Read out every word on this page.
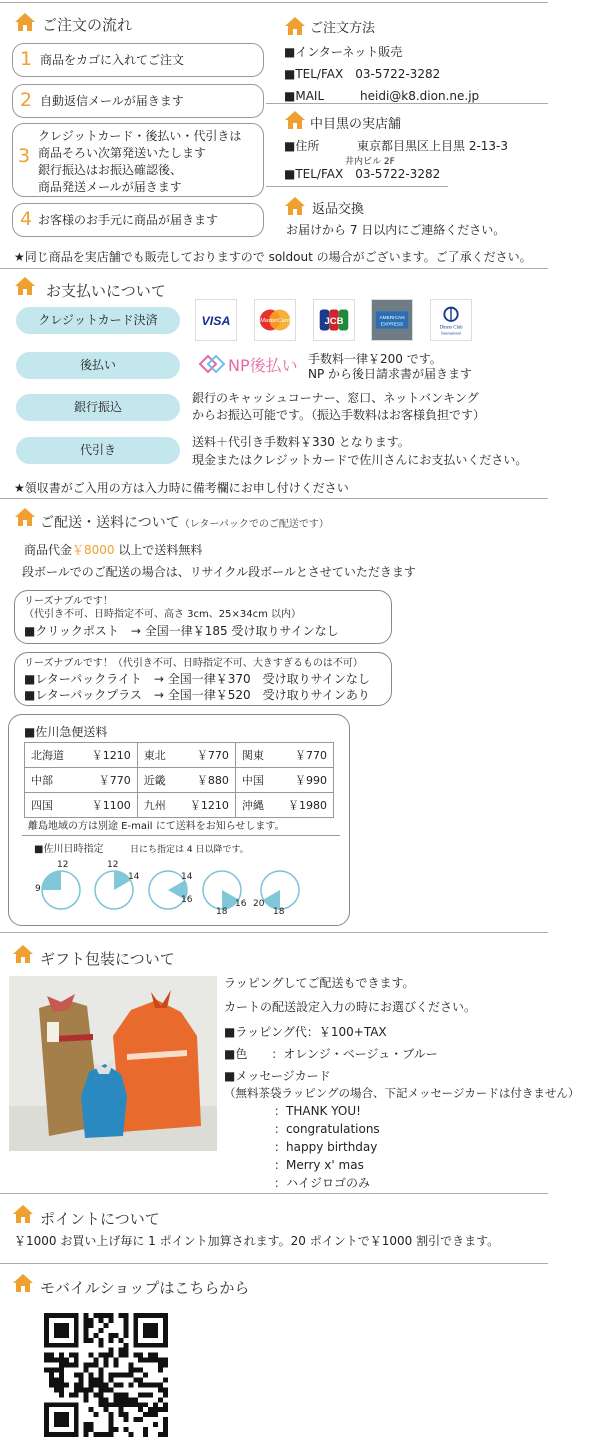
ご注文の流れ
1 商品をカゴに入れてご注文
2 自動返信メールが届きます
3
クレジットカード・後払い・代引きは
商品そろい次第発送いたします
銀行振込はお振込確認後、
商品発送メールが届きます
4 お客様のお手元に商品が届きます
ご注文方法
■インターネット販売
■TEL/FAX　03-5722-3282
■MAIL	heidi@k8.dion.ne.jp
中目黒の実店舗
■住所	東京都目黒区上目黒 2-13-3
井内ビル 2F
■TEL/FAX　03-5722-3282
返品交換
お届けから 7 日以内にご連絡ください。
★同じ商品を実店舗でも販売しておりますので soldout の場合がございます。ご了承ください。
お支払いについて
クレジットカード決済	VISA	MasterCard	JCB	AMERICAN
EXPRESS
Diners Club
International
後払い	NP後払い 手数料一律￥200 です。
NP から後日請求書が届きます
銀行振込
銀行のキャッシュコーナー、窓口、ネットバンキング
からお振込可能です。（振込手数料はお客様負担です）
代引き
送料＋代引き手数料￥330 となります。
現金またはクレジットカードで佐川さんにお支払いください。
★領収書がご入用の方は入力時に備考欄にお申し付けください
ご配送・送料について（レターパックでのご配送です）
商品代金￥8000 以上で送料無料
段ボールでのご配送の場合は、リサイクル段ボールとさせていただきます
リーズナブルです！
（代引き不可、日時指定不可、高さ 3cm、25×34cm 以内）
■クリックポスト　→ 全国一律￥185 受け取りサインなし
リーズナブルです！（代引き不可、日時指定不可、大きすぎるものは不可）
■レターパックライト　→ 全国一律￥370　受け取りサインなし
■レターパックプラス　→ 全国一律￥520　受け取りサインあり
■佐川急便送料
北海道 ￥1210	東北 ￥770	関東 ￥770

中部 ￥770	近畿 ￥880	中国 ￥990

四国 ￥1100	九州 ￥1210	沖縄 ￥1980
離島地域の方は別途 E-mail にて送料をお知らせします。
■佐川日時指定	日にち指定は 4 日以降です。
12
9
12
14	14
16	16
18	18
20
ギフト包装について
ラッピングしてご配送もできます。
カートの配送設定入力の時にお選びください。
■ラッピング代：￥100+TAX
■色　　：オレンジ・ベージュ・ブルー
■メッセージカード
（無料茶袋ラッピングの場合、下記メッセージカードは付きません）
：THANK YOU!
：congratulations
：happy birthday
：Merry x' mas
：ハイジロゴのみ
ポイントについて
￥1000 お買い上げ毎に 1 ポイント加算されます。20 ポイントで￥1000 割引できます。
モバイルショップはこちらから
